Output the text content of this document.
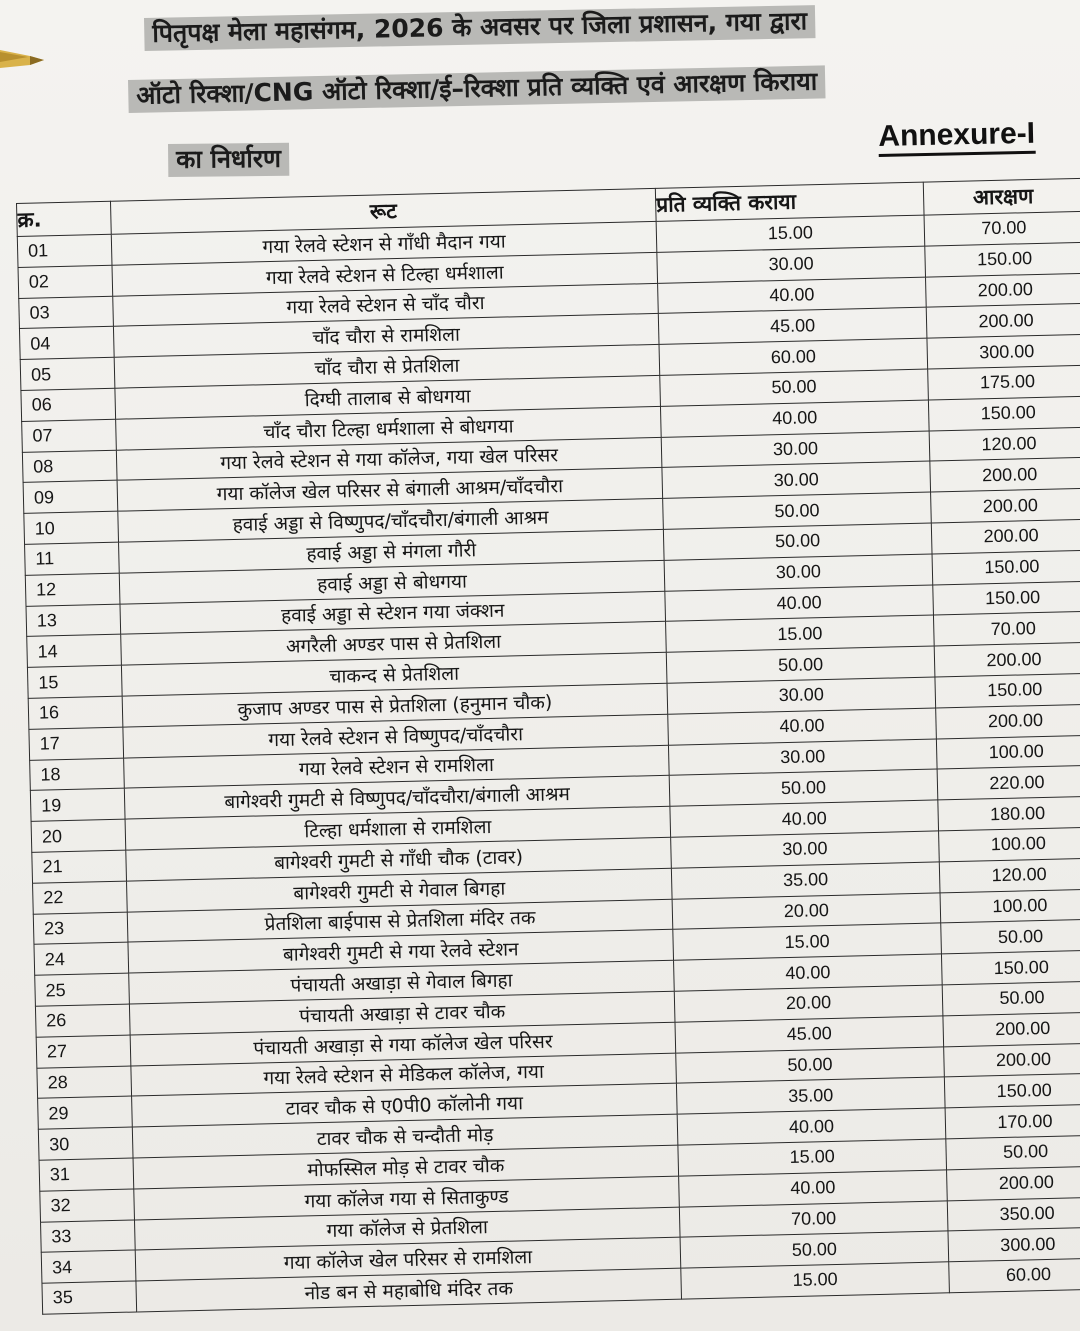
पितृपक्ष मेला महासंगम, 2026 के अवसर पर जिला प्रशासन, गया द्वारा
ऑटो रिक्शा/CNG ऑटो रिक्शा/ई–रिक्शा प्रति व्यक्ति एवं आरक्षण किराया
का निर्धारण
Annexure-I
क्र.	रूट	प्रति व्यक्ति कराया	आरक्षण
01	गया रेलवे स्टेशन से गाँधी मैदान गया	15.00	70.00
02	गया रेलवे स्टेशन से टिल्हा धर्मशाला	30.00	150.00
03	गया रेलवे स्टेशन से चाँद चौरा	40.00	200.00
04	चाँद चौरा से रामशिला	45.00	200.00
05	चाँद चौरा से प्रेतशिला	60.00	300.00
06	दिग्घी तालाब से बोधगया	50.00	175.00
07	चाँद चौरा टिल्हा धर्मशाला से बोधगया	40.00	150.00
08	गया रेलवे स्टेशन से गया कॉलेज, गया खेल परिसर	30.00	120.00
09	गया कॉलेज खेल परिसर से बंगाली आश्रम/चाँदचौरा	30.00	200.00
10	हवाई अड्डा से विष्णुपद/चाँदचौरा/बंगाली आश्रम	50.00	200.00
11	हवाई अड्डा से मंगला गौरी	50.00	200.00
12	हवाई अड्डा से बोधगया	30.00	150.00
13	हवाई अड्डा से स्टेशन गया जंक्शन	40.00	150.00
14	अगरैली अण्डर पास से प्रेतशिला	15.00	70.00
15	चाकन्द से प्रेतशिला	50.00	200.00
16	कुजाप अण्डर पास से प्रेतशिला (हनुमान चौक)	30.00	150.00
17	गया रेलवे स्टेशन से विष्णुपद/चाँदचौरा	40.00	200.00
18	गया रेलवे स्टेशन से रामशिला	30.00	100.00
19	बागेश्वरी गुमटी से विष्णुपद/चाँदचौरा/बंगाली आश्रम	50.00	220.00
20	टिल्हा धर्मशाला से रामशिला	40.00	180.00
21	बागेश्वरी गुमटी से गाँधी चौक (टावर)	30.00	100.00
22	बागेश्वरी गुमटी से गेवाल बिगहा	35.00	120.00
23	प्रेतशिला बाईपास से प्रेतशिला मंदिर तक	20.00	100.00
24	बागेश्वरी गुमटी से गया रेलवे स्टेशन	15.00	50.00
25	पंचायती अखाड़ा से गेवाल बिगहा	40.00	150.00
26	पंचायती अखाड़ा से टावर चौक	20.00	50.00
27	पंचायती अखाड़ा से गया कॉलेज खेल परिसर	45.00	200.00
28	गया रेलवे स्टेशन से मेडिकल कॉलेज, गया	50.00	200.00
29	टावर चौक से ए0पी0 कॉलोनी गया	35.00	150.00
30	टावर चौक से चन्दौती मोड़	40.00	170.00
31	मोफस्सिल मोड़ से टावर चौक	15.00	50.00
32	गया कॉलेज गया से सिताकुण्ड	40.00	200.00
33	गया कॉलेज से प्रेतशिला	70.00	350.00
34	गया कॉलेज खेल परिसर से रामशिला	50.00	300.00
35	नोड बन से महाबोधि मंदिर तक	15.00	60.00
